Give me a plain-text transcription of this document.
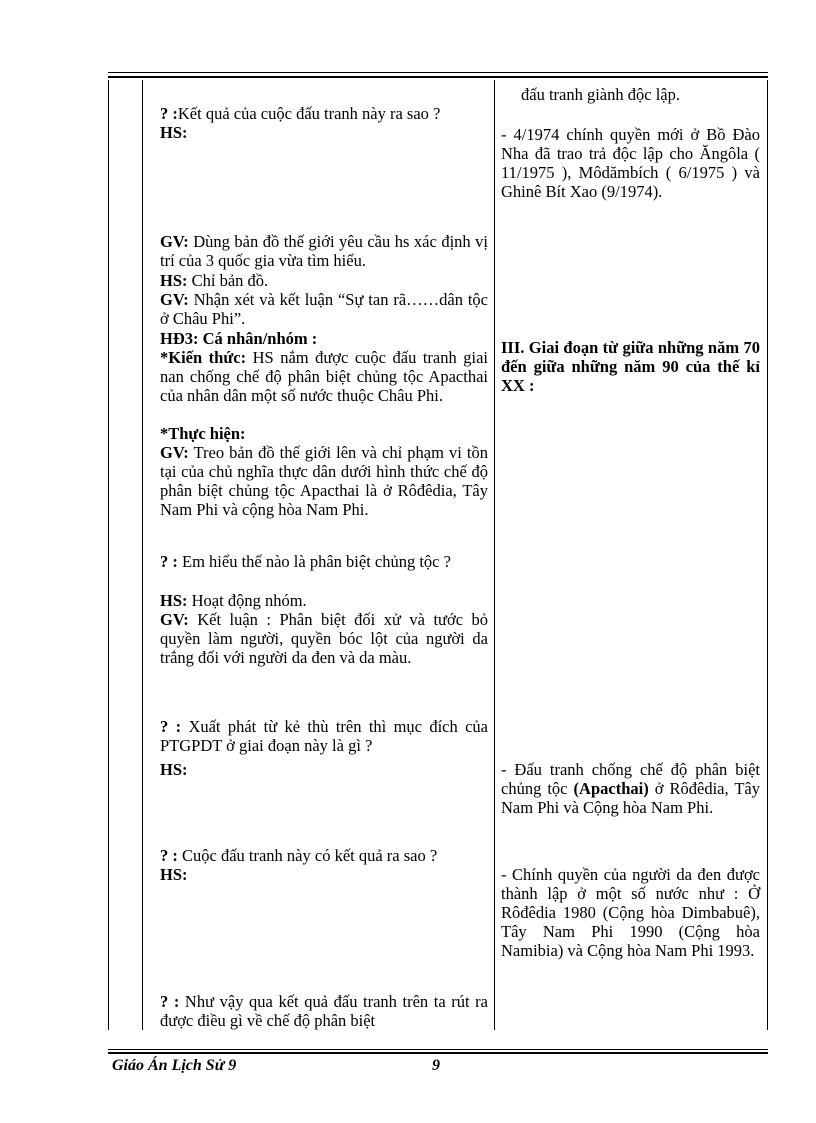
? :Kết quả của cuộc đấu tranh này ra sao ?

HS:

GV: Dùng bản đồ thế giới yêu cầu hs xác định vị trí của 3 quốc gia vừa tìm hiểu.

HS: Chỉ bản đồ.

GV: Nhận xét và kết luận “Sự tan rã……dân tộc ở Châu Phi”.

HĐ3: Cá nhân/nhóm :

*Kiến thức: HS nắm được cuộc đấu tranh giai nan chống chế độ phân biệt chủng tộc Apacthai của nhân dân một số nước thuộc Châu Phi.

*Thực hiện:

GV: Treo bản đồ thế giới lên và chỉ phạm vi tồn tại của chủ nghĩa thực dân dưới hình thức chế độ phân biệt chủng tộc Apacthai là ở Rôđêdia, Tây Nam Phi và cộng hòa Nam Phi.

? : Em hiểu thế nào là phân biệt chủng tộc ?

HS: Hoạt động nhóm.

GV: Kết luận : Phân biệt đối xử và tước bỏ quyền làm người, quyền bóc lột của người da trắng đối với người da đen và da màu.

? : Xuất phát từ kẻ thù trên thì mục đích của PTGPDT ở giai đoạn này là gì ?

HS:

? : Cuộc đấu tranh này có kết quả ra sao ?

HS:

? : Như vậy qua kết quả đấu tranh trên ta rút ra được điều gì về chế độ phân biệt

đấu tranh giành độc lập.

- 4/1974 chính quyền mới ở Bồ Đào Nha đã trao trả độc lập cho Ăngôla ( 11/1975 ), Môdămbích ( 6/1975 ) và Ghinê Bít Xao (9/1974).

III. Giai đoạn từ giữa những năm 70 đến giữa những năm 90 của thế kỉ XX :

- Đấu tranh chống chế độ phân biệt chủng tộc (Apacthai) ở Rôđêdia, Tây Nam Phi và Cộng hòa Nam Phi.

- Chính quyền của người da đen được thành lập ở một số nước như : Ở Rôđêdia 1980 (Cộng hòa Dimbabuê), Tây Nam Phi 1990 (Cộng hòa Namibia) và Cộng hòa Nam Phi 1993.

Giáo Án Lịch Sử 9	9
